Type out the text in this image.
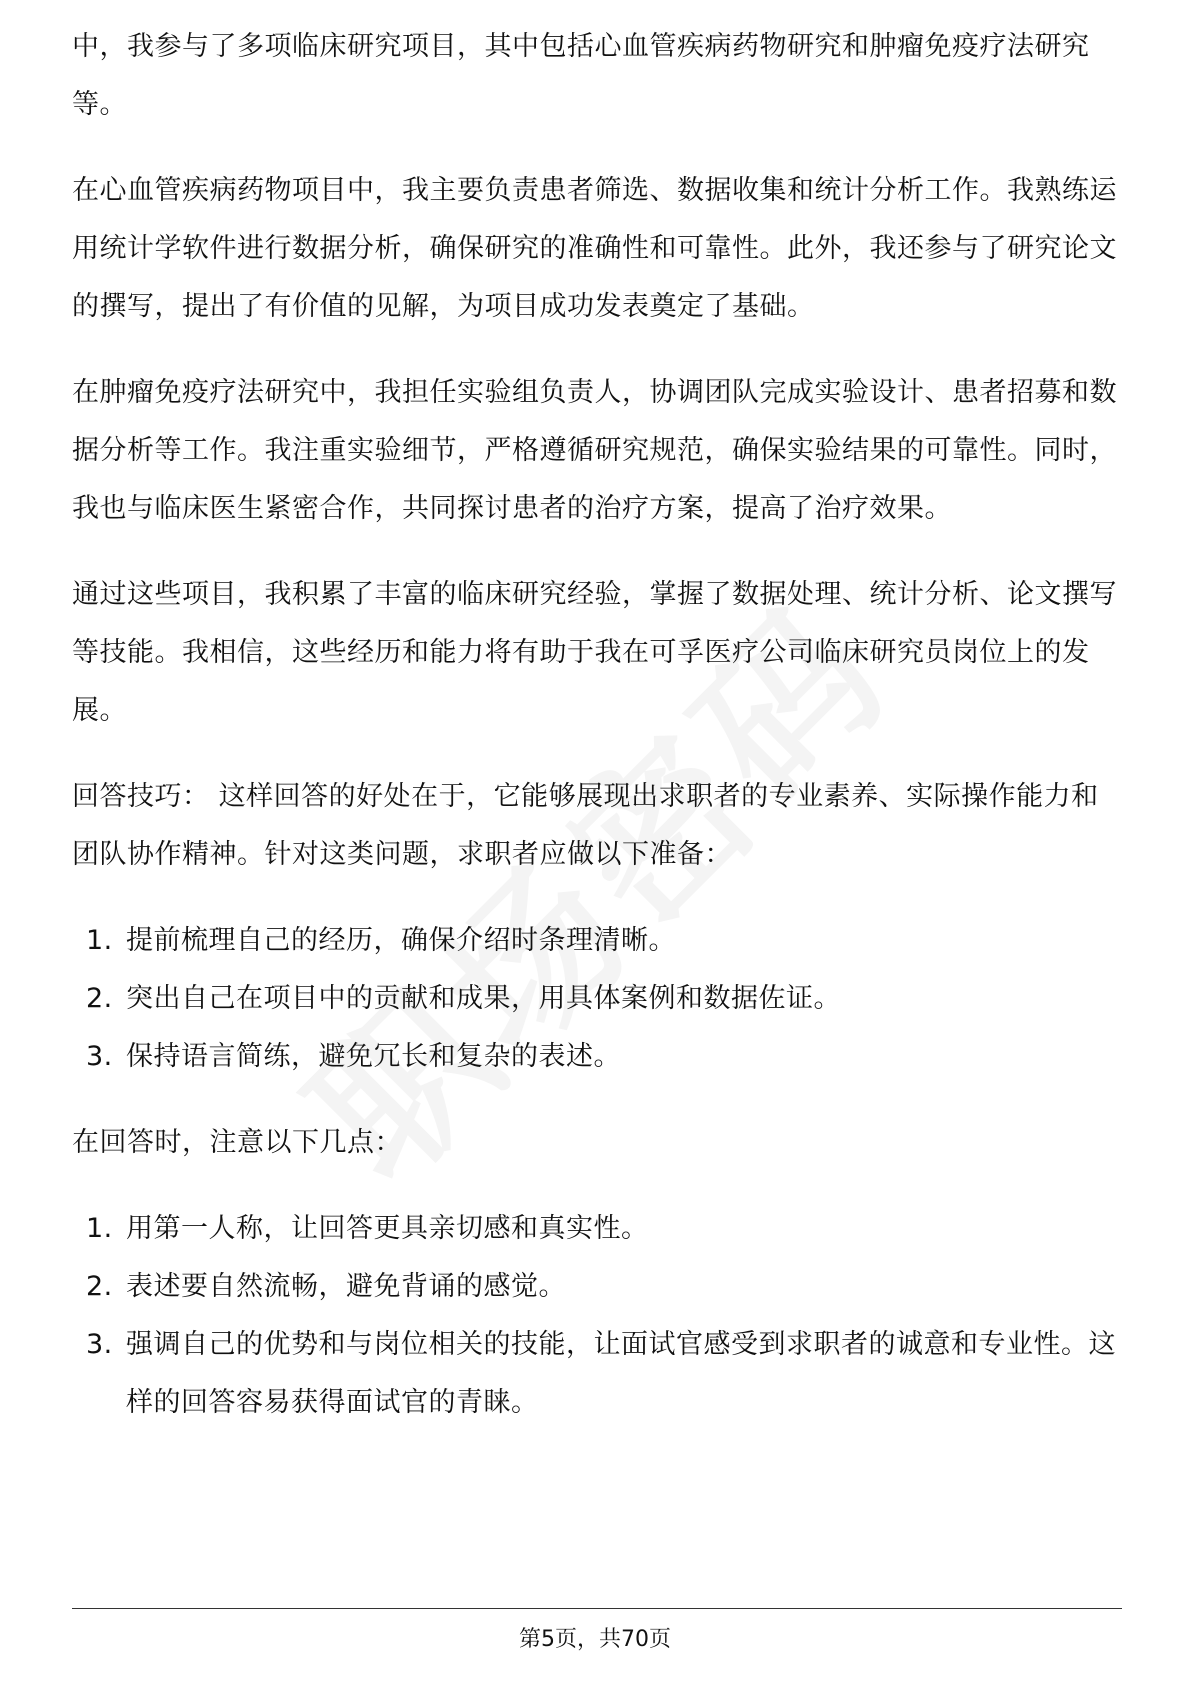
中，我参与了多项临床研究项目，其中包括心血管疾病药物研究和肿瘤免疫疗法研究等。

在心血管疾病药物项目中，我主要负责患者筛选、数据收集和统计分析工作。我熟练运用统计学软件进行数据分析，确保研究的准确性和可靠性。此外，我还参与了研究论文的撰写，提出了有价值的见解，为项目成功发表奠定了基础。

在肿瘤免疫疗法研究中，我担任实验组负责人，协调团队完成实验设计、患者招募和数据分析等工作。我注重实验细节，严格遵循研究规范，确保实验结果的可靠性。同时，我也与临床医生紧密合作，共同探讨患者的治疗方案，提高了治疗效果。

通过这些项目，我积累了丰富的临床研究经验，掌握了数据处理、统计分析、论文撰写等技能。我相信，这些经历和能力将有助于我在可孚医疗公司临床研究员岗位上的发展。

回答技巧： 这样回答的好处在于，它能够展现出求职者的专业素养、实际操作能力和团队协作精神。针对这类问题，求职者应做以下准备：

1. 提前梳理自己的经历，确保介绍时条理清晰。
2. 突出自己在项目中的贡献和成果，用具体案例和数据佐证。
3. 保持语言简练，避免冗长和复杂的表述。

在回答时，注意以下几点：

1. 用第一人称，让回答更具亲切感和真实性。
2. 表述要自然流畅，避免背诵的感觉。
3. 强调自己的优势和与岗位相关的技能，让面试官感受到求职者的诚意和专业性。这样的回答容易获得面试官的青睐。
第5页，共70页
